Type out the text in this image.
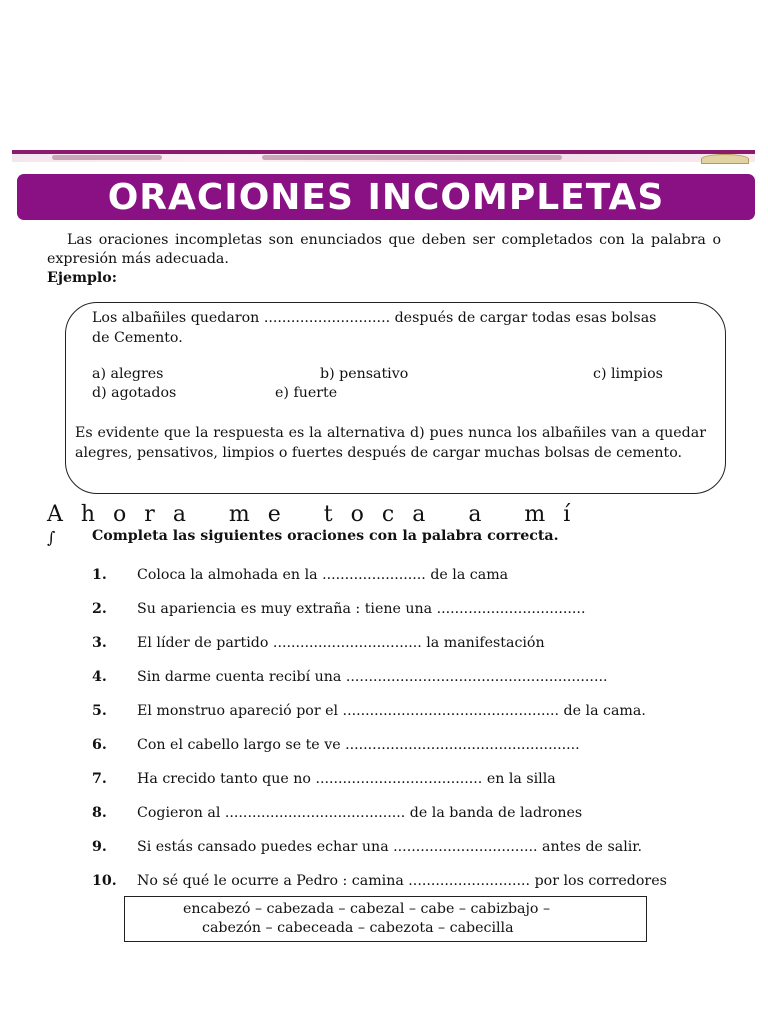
ORACIONES INCOMPLETAS
Las oraciones incompletas son enunciados que deben ser completados con la palabra o expresión más adecuada.
Ejemplo:
Los albañiles quedaron ............................ después de cargar todas esas bolsas de Cemento.
a) alegres	b) pensativo	c) limpios
d) agotados	e) fuerte
Es evidente que la respuesta es la alternativa d) pues nunca los albañiles van a quedar alegres, pensativos, limpios o fuertes después de cargar muchas bolsas de cemento.
Ahora me toca a mí
∫	Completa las siguientes oraciones con la palabra correcta.
1. Coloca la almohada en la ....................... de la cama
2. Su apariencia es muy extraña : tiene una .................................
3. El líder de partido ................................. la manifestación
4. Sin darme cuenta recibí una ..........................................................
5. El monstruo apareció por el ................................................ de la cama.
6. Con el cabello largo se te ve ....................................................
7. Ha crecido tanto que no ..................................... en la silla
8. Cogieron al ........................................ de la banda de ladrones
9. Si estás cansado puedes echar una ................................ antes de salir.
10. No sé qué le ocurre a Pedro : camina ........................... por los corredores
encabezó – cabezada – cabezal – cabe – cabizbajo –
cabezón – cabeceada – cabezota – cabecilla
